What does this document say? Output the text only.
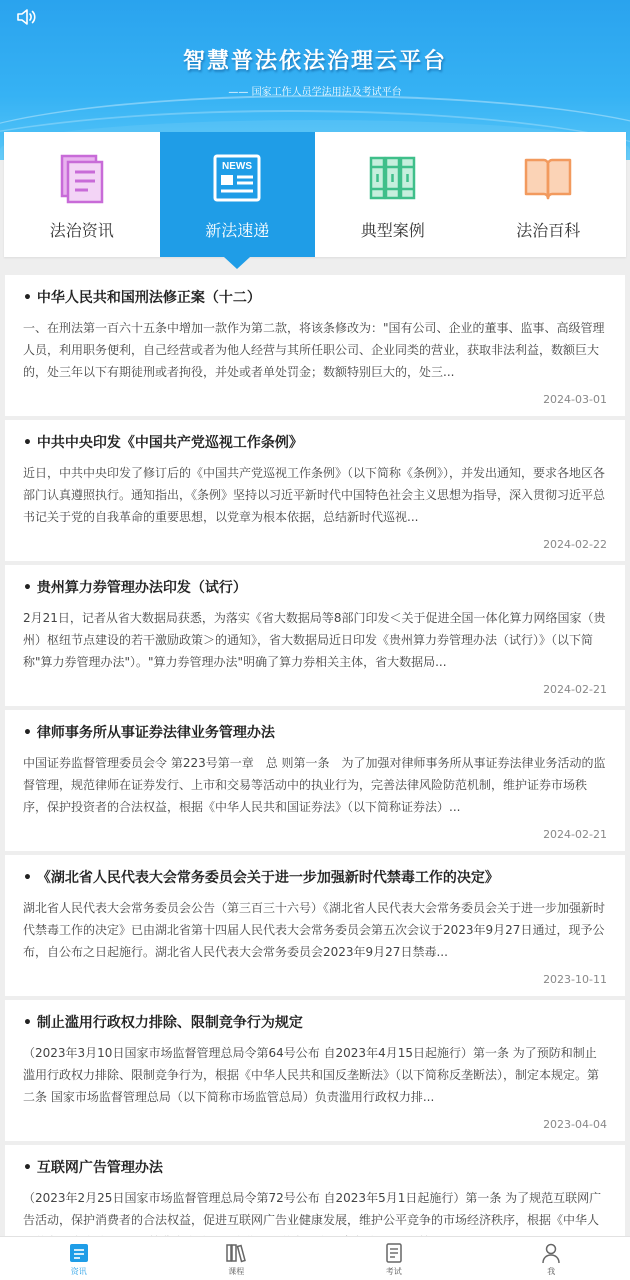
智慧普法依法治理云平台
—— 国家工作人员学法用法及考试平台
法治资讯
NEWS
新法速递	典型案例	法治百科
• 中华人民共和国刑法修正案（十二）
一、在刑法第一百六十五条中增加一款作为第二款，将该条修改为："国有公司、企业的董事、监事、高级管理人员，利用职务便利，自己经营或者为他人经营与其所任职公司、企业同类的营业，获取非法利益，数额巨大的，处三年以下有期徒刑或者拘役，并处或者单处罚金；数额特别巨大的，处三...
2024-03-01
• 中共中央印发《中国共产党巡视工作条例》
近日，中共中央印发了修订后的《中国共产党巡视工作条例》（以下简称《条例》），并发出通知，要求各地区各部门认真遵照执行。通知指出，《条例》坚持以习近平新时代中国特色社会主义思想为指导，深入贯彻习近平总书记关于党的自我革命的重要思想，以党章为根本依据，总结新时代巡视...
2024-02-22
• 贵州算力券管理办法印发（试行）
2月21日，记者从省大数据局获悉，为落实《省大数据局等8部门印发＜关于促进全国一体化算力网络国家（贵州）枢纽节点建设的若干激励政策＞的通知》，省大数据局近日印发《贵州算力券管理办法（试行）》（以下简称"算力券管理办法"）。"算力券管理办法"明确了算力券相关主体，省大数据局...
2024-02-21
• 律师事务所从事证券法律业务管理办法
中国证券监督管理委员会令 第223号第一章　总 则第一条　为了加强对律师事务所从事证券法律业务活动的监督管理，规范律师在证券发行、上市和交易等活动中的执业行为，完善法律风险防范机制，维护证券市场秩序，保护投资者的合法权益，根据《中华人民共和国证券法》（以下简称证券法）...
2024-02-21
• 《湖北省人民代表大会常务委员会关于进一步加强新时代禁毒工作的决定》
湖北省人民代表大会常务委员会公告（第三百三十六号）《湖北省人民代表大会常务委员会关于进一步加强新时代禁毒工作的决定》已由湖北省第十四届人民代表大会常务委员会第五次会议于2023年9月27日通过，现予公布，自公布之日起施行。湖北省人民代表大会常务委员会2023年9月27日禁毒...
2023-10-11
• 制止滥用行政权力排除、限制竞争行为规定
（2023年3月10日国家市场监督管理总局令第64号公布 自2023年4月15日起施行）第一条 为了预防和制止滥用行政权力排除、限制竞争行为，根据《中华人民共和国反垄断法》（以下简称反垄断法），制定本规定。第二条 国家市场监督管理总局（以下简称市场监管总局）负责滥用行政权力排...
2023-04-04
• 互联网广告管理办法
（2023年2月25日国家市场监督管理总局令第72号公布 自2023年5月1日起施行）第一条 为了规范互联网广告活动，保护消费者的合法权益，促进互联网广告业健康发展，维护公平竞争的市场经济秩序，根据《中华人
资讯	课程	考试	我
